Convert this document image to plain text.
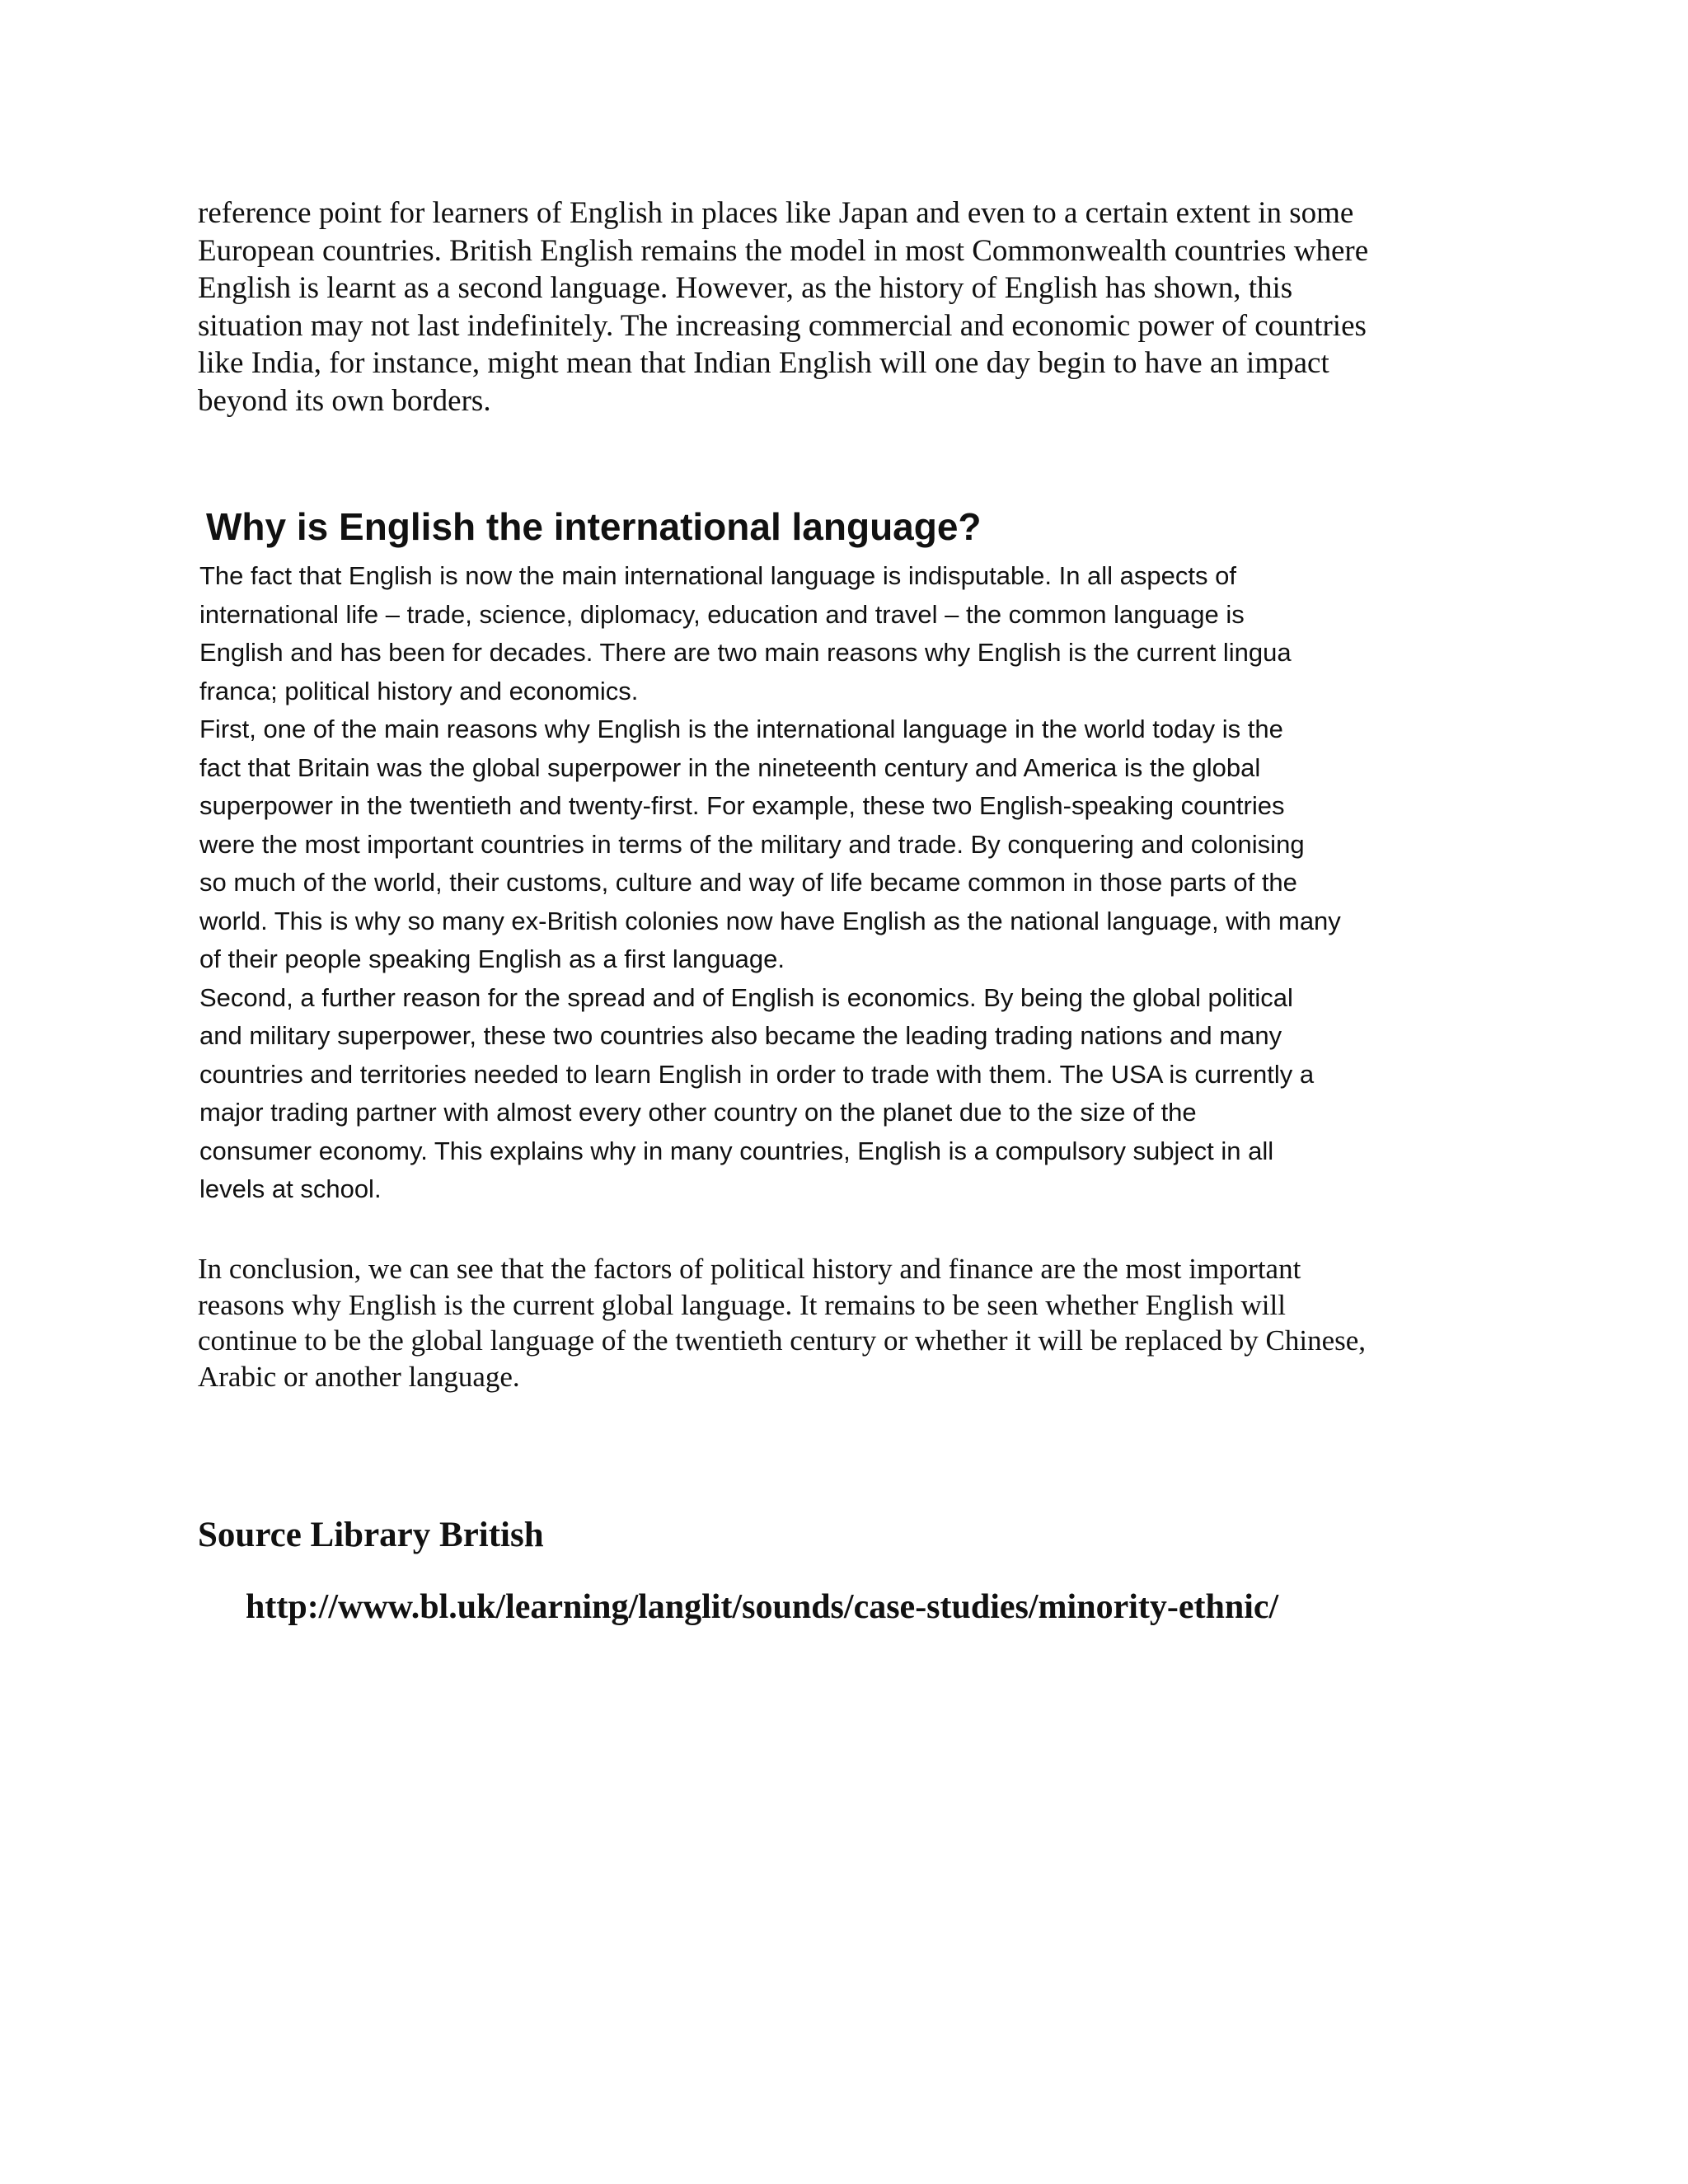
reference point for learners of English in places like Japan and even to a certain extent in some
European countries. British English remains the model in most Commonwealth countries where
English is learnt as a second language. However, as the history of English has shown, this
situation may not last indefinitely. The increasing commercial and economic power of countries
like India, for instance, might mean that Indian English will one day begin to have an impact
beyond its own borders.
Why is English the international language?
The fact that English is now the main international language is indisputable. In all aspects of
international life – trade, science, diplomacy, education and travel – the common language is
English and has been for decades. There are two main reasons why English is the current lingua
franca; political history and economics.
First, one of the main reasons why English is the international language in the world today is the
fact that Britain was the global superpower in the nineteenth century and America is the global
superpower in the twentieth and twenty-first. For example, these two English-speaking countries
were the most important countries in terms of the military and trade. By conquering and colonising
so much of the world, their customs, culture and way of life became common in those parts of the
world. This is why so many ex-British colonies now have English as the national language, with many
of their people speaking English as a first language.
Second, a further reason for the spread and of English is economics. By being the global political
and military superpower, these two countries also became the leading trading nations and many
countries and territories needed to learn English in order to trade with them. The USA is currently a
major trading partner with almost every other country on the planet due to the size of the
consumer economy. This explains why in many countries, English is a compulsory subject in all
levels at school.
In conclusion, we can see that the factors of political history and finance are the most important
reasons why English is the current global language. It remains to be seen whether English will
continue to be the global language of the twentieth century or whether it will be replaced by Chinese,
Arabic or another language.
Source Library British
http://www.bl.uk/learning/langlit/sounds/case-studies/minority-ethnic/
